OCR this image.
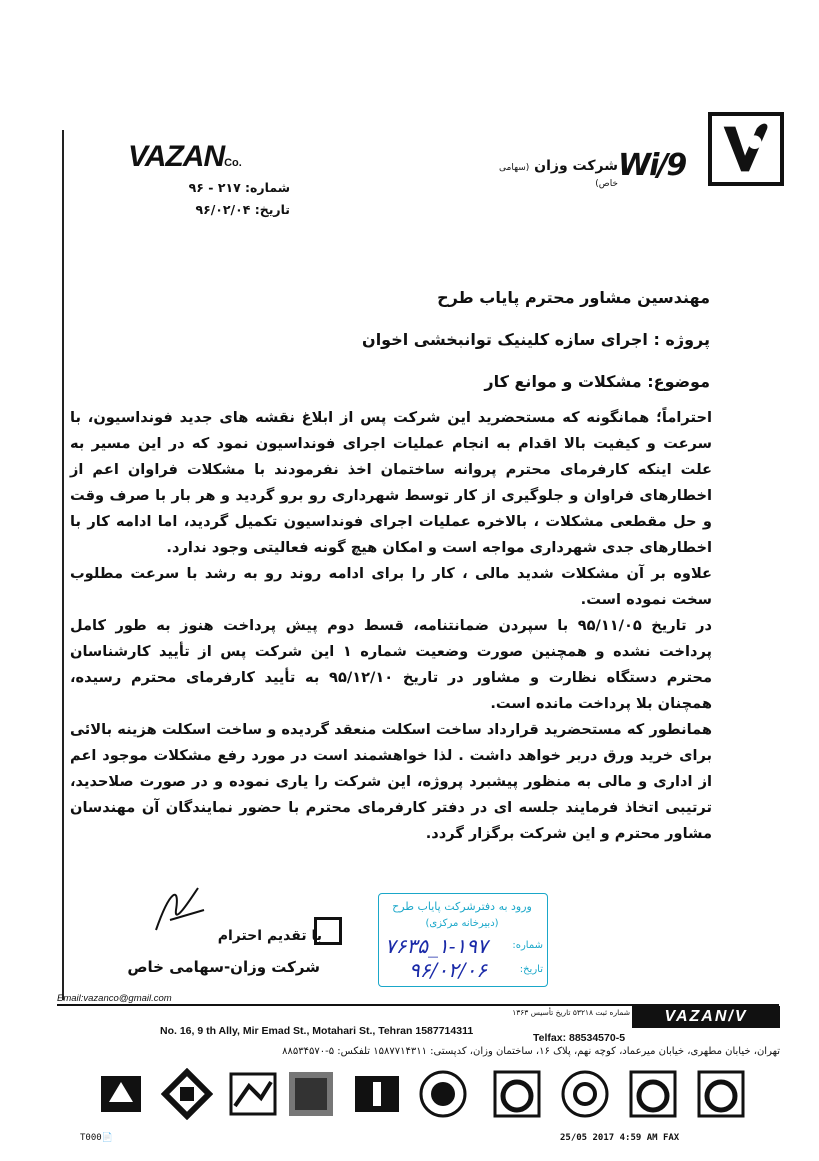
Wi/9
شرکت وزان (سهامی خاص)
VAZANCo.
شماره: ۲۱۷ - ۹۶
تاریخ: ۹۶/۰۲/۰۴
مهندسین مشاور محترم پایاب طرح
پروژه : اجرای سازه کلینیک توانبخشی اخوان
موضوع: مشکلات و موانع کار

احتراماً؛ همانگونه که مستحضرید این شرکت پس از ابلاغ نقشه های جدید فونداسیون، با سرعت و کیفیت بالا اقدام به انجام عملیات اجرای فونداسیون نمود که در این مسیر به علت اینکه کارفرمای محترم پروانه ساختمان اخذ نفرمودند با مشکلات فراوان اعم از اخطارهای فراوان و جلوگیری از کار توسط شهرداری رو برو گردید و هر بار با صرف وقت و حل مقطعی مشکلات ، بالاخره عملیات اجرای فونداسیون تکمیل گردید، اما ادامه کار با اخطارهای جدی شهرداری مواجه است و امکان هیچ گونه فعالیتی وجود ندارد.

علاوه بر آن مشکلات شدید مالی ، کار را برای ادامه روند رو به رشد با سرعت مطلوب سخت نموده است.

در تاریخ ۹۵/۱۱/۰۵ با سپردن ضمانتنامه، قسط دوم پیش پرداخت هنوز به طور کامل پرداخت نشده و همچنین صورت وضعیت شماره ۱ این شرکت پس از تأیید کارشناسان محترم دستگاه نظارت و مشاور در تاریخ ۹۵/۱۲/۱۰ به تأیید کارفرمای محترم رسیده، همچنان بلا پرداخت مانده است.

همانطور که مستحضرید قرارداد ساخت اسکلت منعقد گردیده و ساخت اسکلت هزینه بالائی برای خرید ورق دربر خواهد داشت . لذا خواهشمند است در مورد رفع مشکلات موجود اعم از اداری و مالی به منظور پیشبرد پروژه، این شرکت را یاری نموده و در صورت صلاحدید، ترتیبی اتخاذ فرمایند جلسه ای در دفتر کارفرمای محترم با حضور نمایندگان آن مهندسان مشاور محترم و این شرکت برگزار گردد.

ورود به دفترشرکت پایاب طرح
(دبیرخانه مرکزی)
شماره:
۱-۱۹۷_۷۶۳۵
تاریخ:
۹۶/۰۲/۰۶
با تقدیم احترام
شرکت وزان-سهامی خاص
Email:vazanco@gmail.com
شماره ثبت ۵۳۲۱۸ تاریخ تأسیس ۱۳۶۳	VAZAN/V
No. 16, 9 th Ally, Mir Emad St., Motahari St., Tehran 1587714311
Telfax: 88534570-5
تهران، خیابان مطهری، خیابان میرعماد، کوچه نهم، پلاک ۱۶، ساختمان وزان، کدپستی: ۱۵۸۷۷۱۴۳۱۱ تلفکس: ۵-۸۸۵۳۴۵۷۰
T000📄	25/05 2017 4:59 AM FAX
